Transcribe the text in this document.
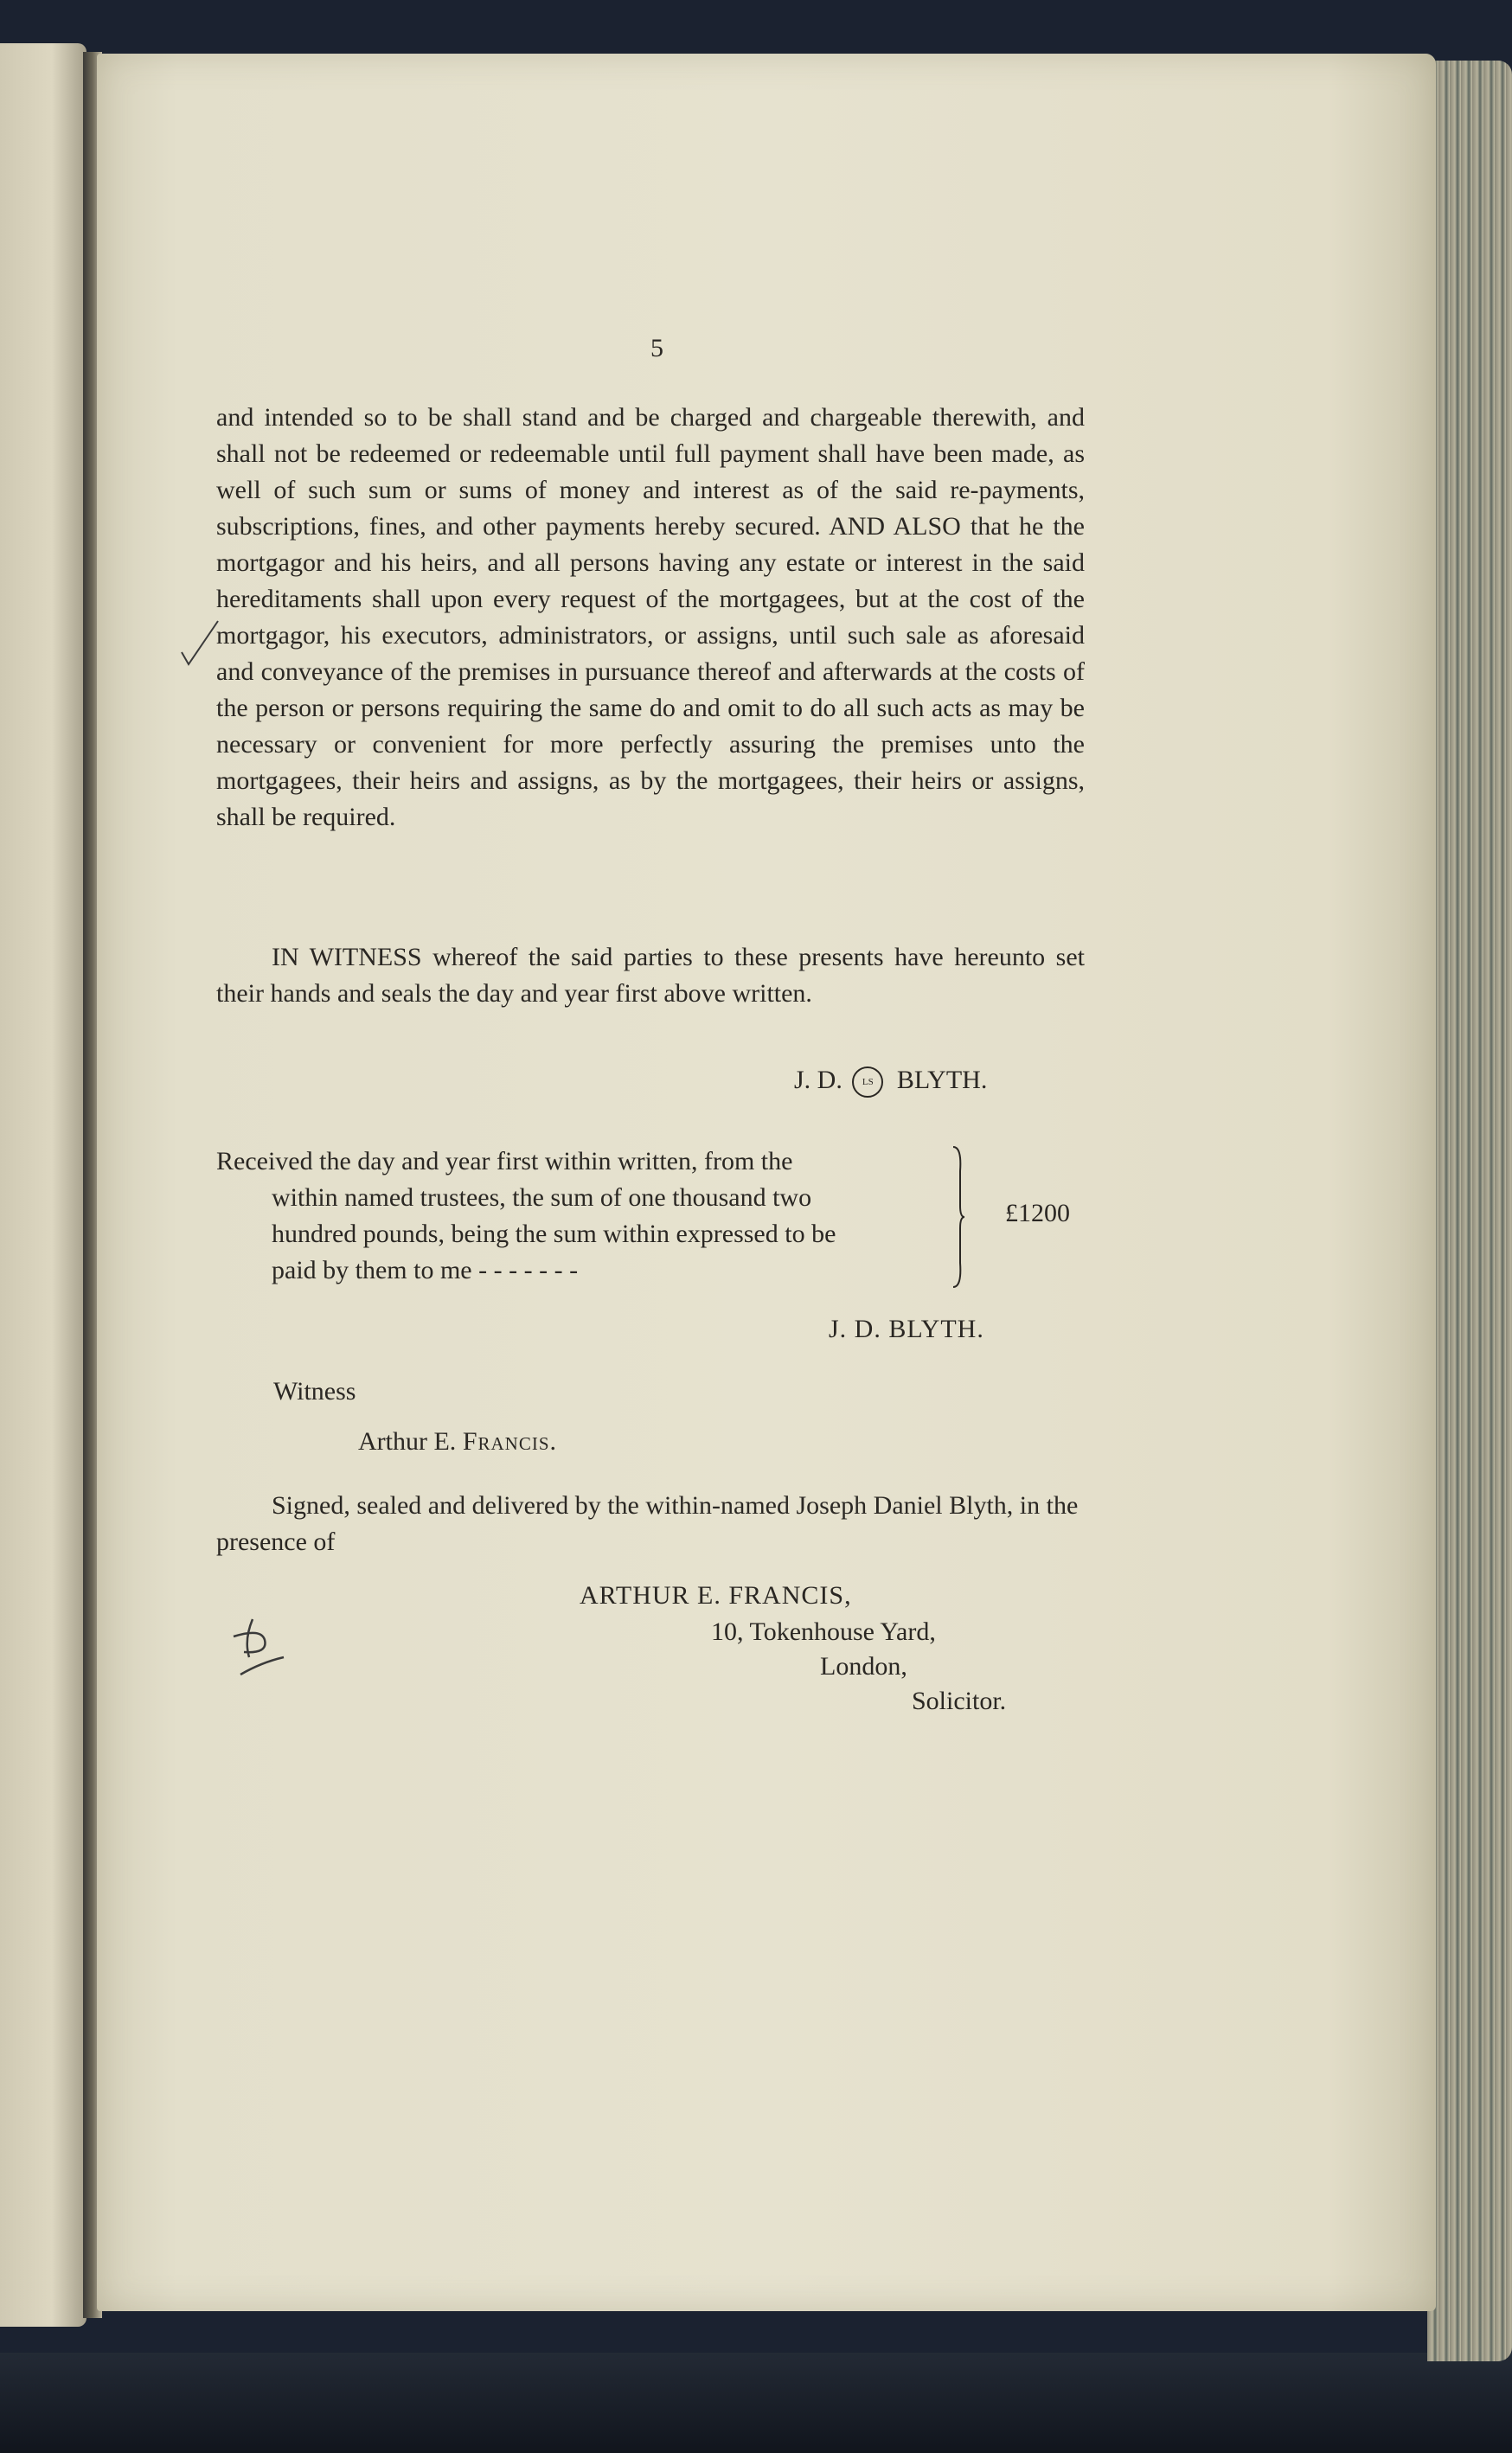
5
and intended so to be shall stand and be charged and chargeable therewith, and shall not be redeemed or redeemable until full payment shall have been made, as well of such sum or sums of money and interest as of the said re-payments, subscriptions, fines, and other payments hereby secured. AND ALSO that he the mortgagor and his heirs, and all persons having any estate or interest in the said hereditaments shall upon every request of the mortgagees, but at the cost of the mortgagor, his executors, administrators, or assigns, until such sale as aforesaid and conveyance of the premises in pursuance thereof and afterwards at the costs of the person or persons requiring the same do and omit to do all such acts as may be necessary or convenient for more perfectly assuring the premises unto the mortgagees, their heirs and assigns, as by the mortgagees, their heirs or assigns, shall be required.
IN WITNESS whereof the said parties to these presents have hereunto set their hands and seals the day and year first above written.
J. D. LS BLYTH.
Received the day and year first within written, from the
within named trustees, the sum of one thousand two
hundred pounds, being the sum within expressed to be
paid by them to me - - - - - - -
£1200
J. D. BLYTH.
Witness
Arthur E. Francis.
Signed, sealed and delivered by the within-named Joseph Daniel Blyth, in the presence of
ARTHUR E. FRANCIS,
10, Tokenhouse Yard,
London,
Solicitor.
